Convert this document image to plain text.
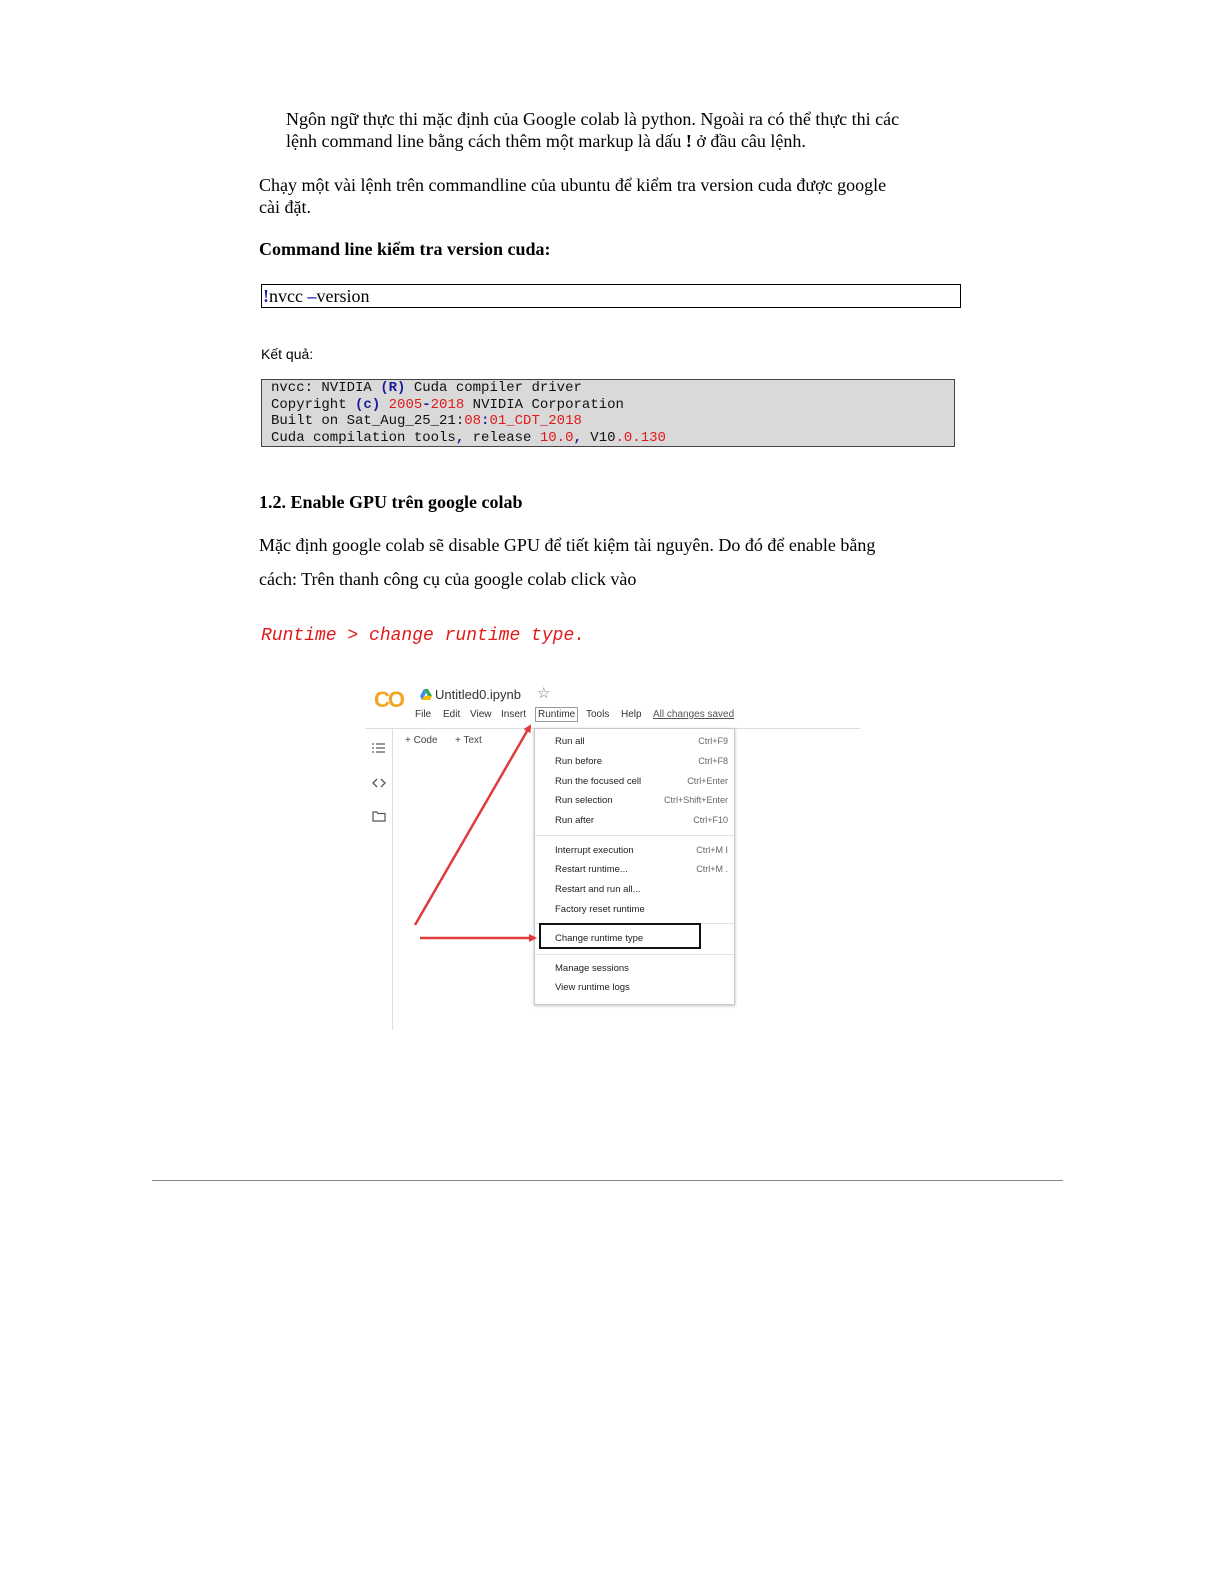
Ngôn ngữ thực thi mặc định của Google colab là python. Ngoài ra có thể thực thi các

lệnh command line bằng cách thêm một markup là dấu ! ở đầu câu lệnh.

Chạy một vài lệnh trên commandline của ubuntu để kiểm tra version cuda được google

cài đặt.

Command line kiểm tra version cuda:

!nvcc –version
Kết quả:
nvcc: NVIDIA (R) Cuda compiler driver
Copyright (c) 2005-2018 NVIDIA Corporation
Built on Sat_Aug_25_21:08:01_CDT_2018
Cuda compilation tools, release 10.0, V10.0.130

1.2. Enable GPU trên google colab

Mặc định google colab sẽ disable GPU để tiết kiệm tài nguyên. Do đó để enable bằng

cách: Trên thanh công cụ của google colab click vào

Runtime > change runtime type.
CO Untitled0.ipynb ☆
File Edit View Insert	Runtime	Tools Help All changes saved
+ Code + Text	Run all	Ctrl+F9
Run before	Ctrl+F8
Run the focused cell	Ctrl+Enter
Run selection	Ctrl+Shift+Enter
Run after	Ctrl+F10
Interrupt execution	Ctrl+M I
Restart runtime...	Ctrl+M .
Restart and run all...
Factory reset runtime
Change runtime type
Manage sessions
View runtime logs
